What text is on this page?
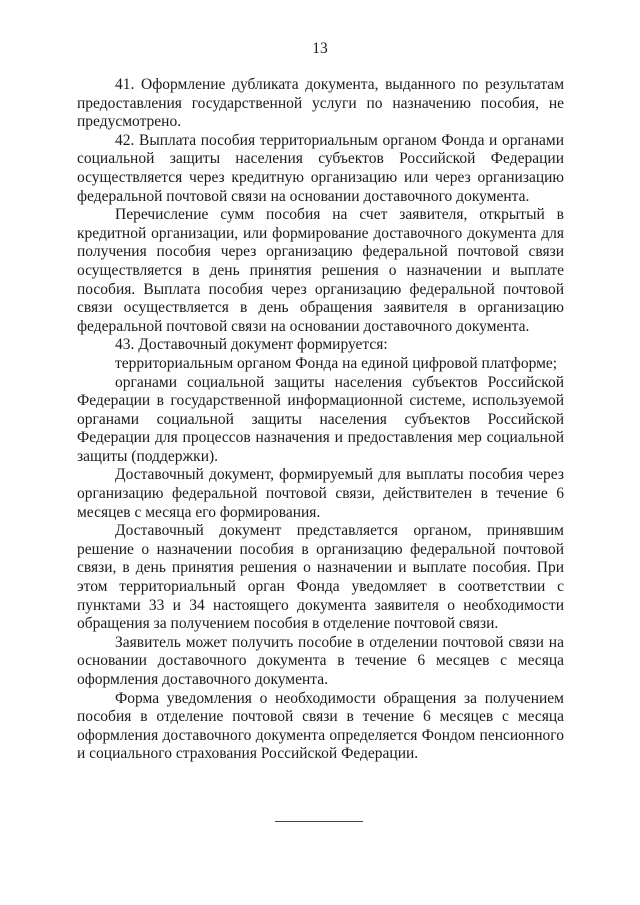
13

41. Оформление дубликата документа, выданного по результатам предоставления государственной услуги по назначению пособия, не предусмотрено.

42. Выплата пособия территориальным органом Фонда и органами социальной защиты населения субъектов Российской Федерации осуществляется через кредитную организацию или через организацию федеральной почтовой связи на основании доставочного документа.

Перечисление сумм пособия на счет заявителя, открытый в кредитной организации, или формирование доставочного документа для получения пособия через организацию федеральной почтовой связи осуществляется в день принятия решения о назначении и выплате пособия. Выплата пособия через организацию федеральной почтовой связи осуществляется в день обращения заявителя в организацию федеральной почтовой связи на основании доставочного документа.

43. Доставочный документ формируется:

территориальным органом Фонда на единой цифровой платформе;

органами социальной защиты населения субъектов Российской Федерации в государственной информационной системе, используемой органами социальной защиты населения субъектов Российской Федерации для процессов назначения и предоставления мер социальной защиты (поддержки).

Доставочный документ, формируемый для выплаты пособия через организацию федеральной почтовой связи, действителен в течение 6 месяцев с месяца его формирования.

Доставочный документ представляется органом, принявшим решение о назначении пособия в организацию федеральной почтовой связи, в день принятия решения о назначении и выплате пособия. При этом территориальный орган Фонда уведомляет в соответствии с пунктами 33 и 34 настоящего документа заявителя о необходимости обращения за получением пособия в отделение почтовой связи.

Заявитель может получить пособие в отделении почтовой связи на основании доставочного документа в течение 6 месяцев с месяца оформления доставочного документа.

Форма уведомления о необходимости обращения за получением пособия в отделение почтовой связи в течение 6 месяцев с месяца оформления доставочного документа определяется Фондом пенсионного и социального страхования Российской Федерации.
